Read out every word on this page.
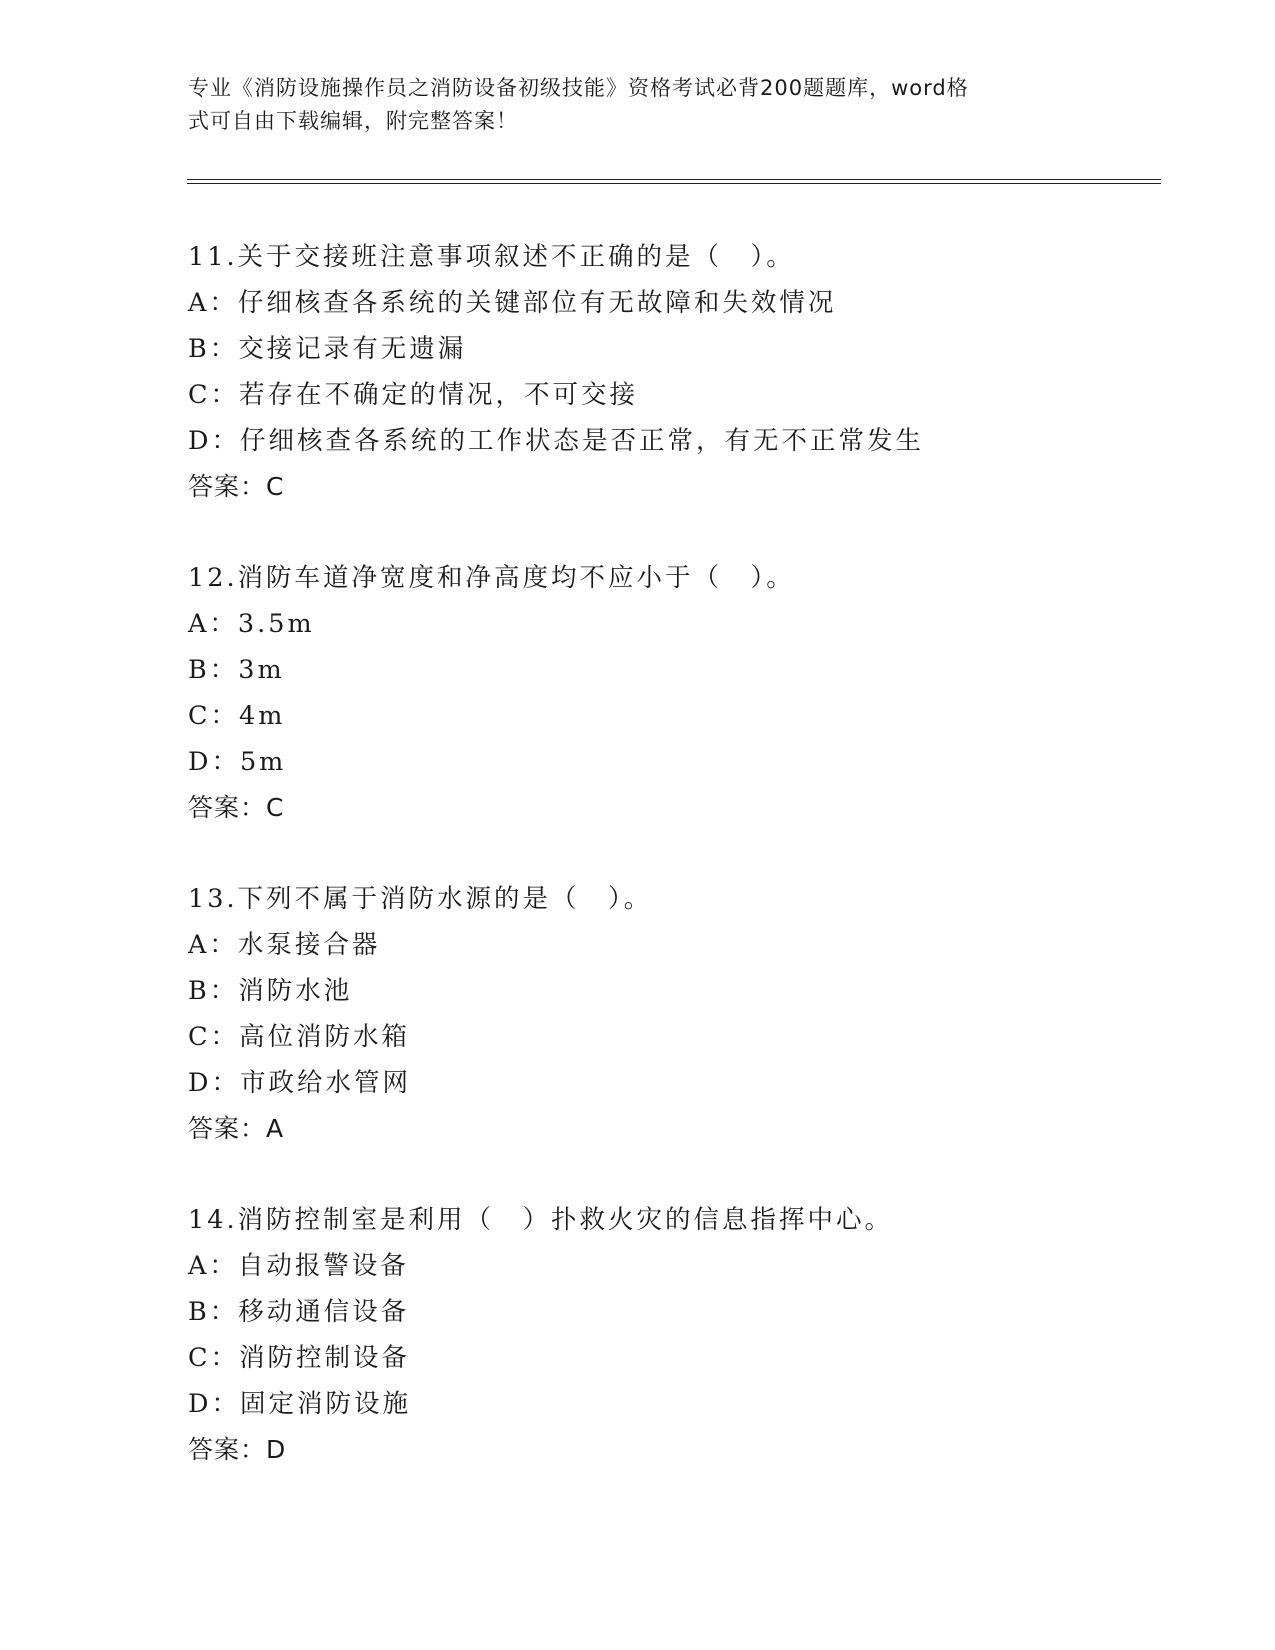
专业《消防设施操作员之消防设备初级技能》资格考试必背200题题库，word格
式可自由下载编辑，附完整答案！
11.关于交接班注意事项叙述不正确的是（　）。
A：仔细核查各系统的关键部位有无故障和失效情况
B：交接记录有无遗漏
C：若存在不确定的情况，不可交接
D：仔细核查各系统的工作状态是否正常，有无不正常发生
答案：C
12.消防车道净宽度和净高度均不应小于（　）。
A：3.5m
B：3m
C：4m
D：5m
答案：C
13.下列不属于消防水源的是（　）。
A：水泵接合器
B：消防水池
C：高位消防水箱
D：市政给水管网
答案：A
14.消防控制室是利用（　）扑救火灾的信息指挥中心。
A：自动报警设备
B：移动通信设备
C：消防控制设备
D：固定消防设施
答案：D
